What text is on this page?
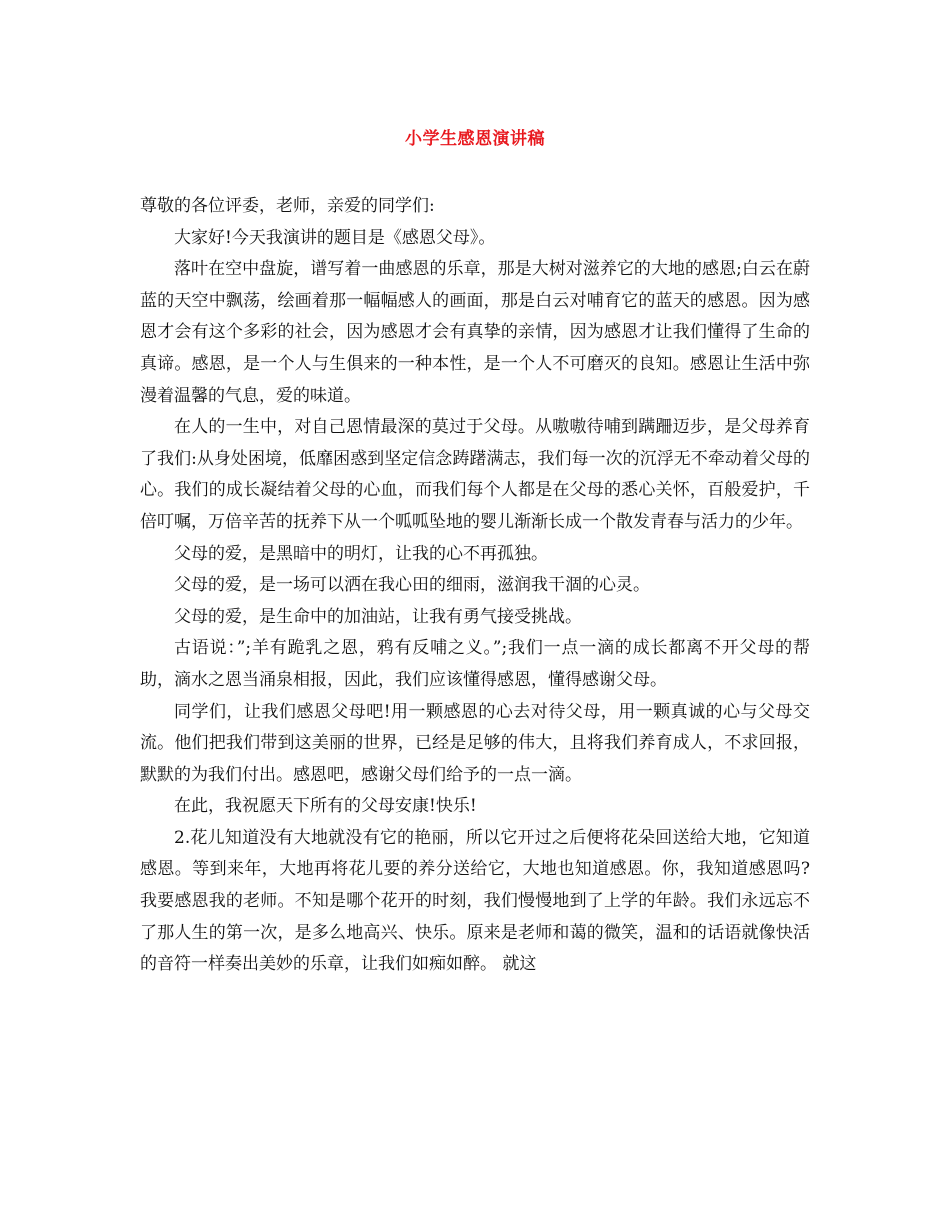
小学生感恩演讲稿

尊敬的各位评委，老师，亲爱的同学们:

大家好!今天我演讲的题目是《感恩父母》。

落叶在空中盘旋，谱写着一曲感恩的乐章，那是大树对滋养它的大地的感恩;白云在蔚蓝的天空中飘荡，绘画着那一幅幅感人的画面，那是白云对哺育它的蓝天的感恩。因为感恩才会有这个多彩的社会，因为感恩才会有真挚的亲情，因为感恩才让我们懂得了生命的真谛。感恩，是一个人与生俱来的一种本性，是一个人不可磨灭的良知。感恩让生活中弥漫着温馨的气息，爱的味道。

在人的一生中，对自己恩情最深的莫过于父母。从嗷嗷待哺到蹒跚迈步，是父母养育了我们:从身处困境，低靡困惑到坚定信念踌躇满志，我们每一次的沉浮无不牵动着父母的心。我们的成长凝结着父母的心血，而我们每个人都是在父母的悉心关怀，百般爱护，千倍叮嘱，万倍辛苦的抚养下从一个呱呱坠地的婴儿渐渐长成一个散发青春与活力的少年。

父母的爱，是黑暗中的明灯，让我的心不再孤独。

父母的爱，是一场可以洒在我心田的细雨，滋润我干涸的心灵。

父母的爱，是生命中的加油站，让我有勇气接受挑战。

古语说：”;羊有跪乳之恩，鸦有反哺之义。”;我们一点一滴的成长都离不开父母的帮助，滴水之恩当涌泉相报，因此，我们应该懂得感恩，懂得感谢父母。

同学们，让我们感恩父母吧!用一颗感恩的心去对待父母，用一颗真诚的心与父母交流。他们把我们带到这美丽的世界，已经是足够的伟大，且将我们养育成人，不求回报，默默的为我们付出。感恩吧，感谢父母们给予的一点一滴。

在此，我祝愿天下所有的父母安康!快乐!

2.花儿知道没有大地就没有它的艳丽，所以它开过之后便将花朵回送给大地，它知道感恩。等到来年，大地再将花儿要的养分送给它，大地也知道感恩。你，我知道感恩吗? 我要感恩我的老师。不知是哪个花开的时刻，我们慢慢地到了上学的年龄。我们永远忘不了那人生的第一次，是多么地高兴、快乐。原来是老师和蔼的微笑，温和的话语就像快活的音符一样奏出美妙的乐章，让我们如痴如醉。 就这
